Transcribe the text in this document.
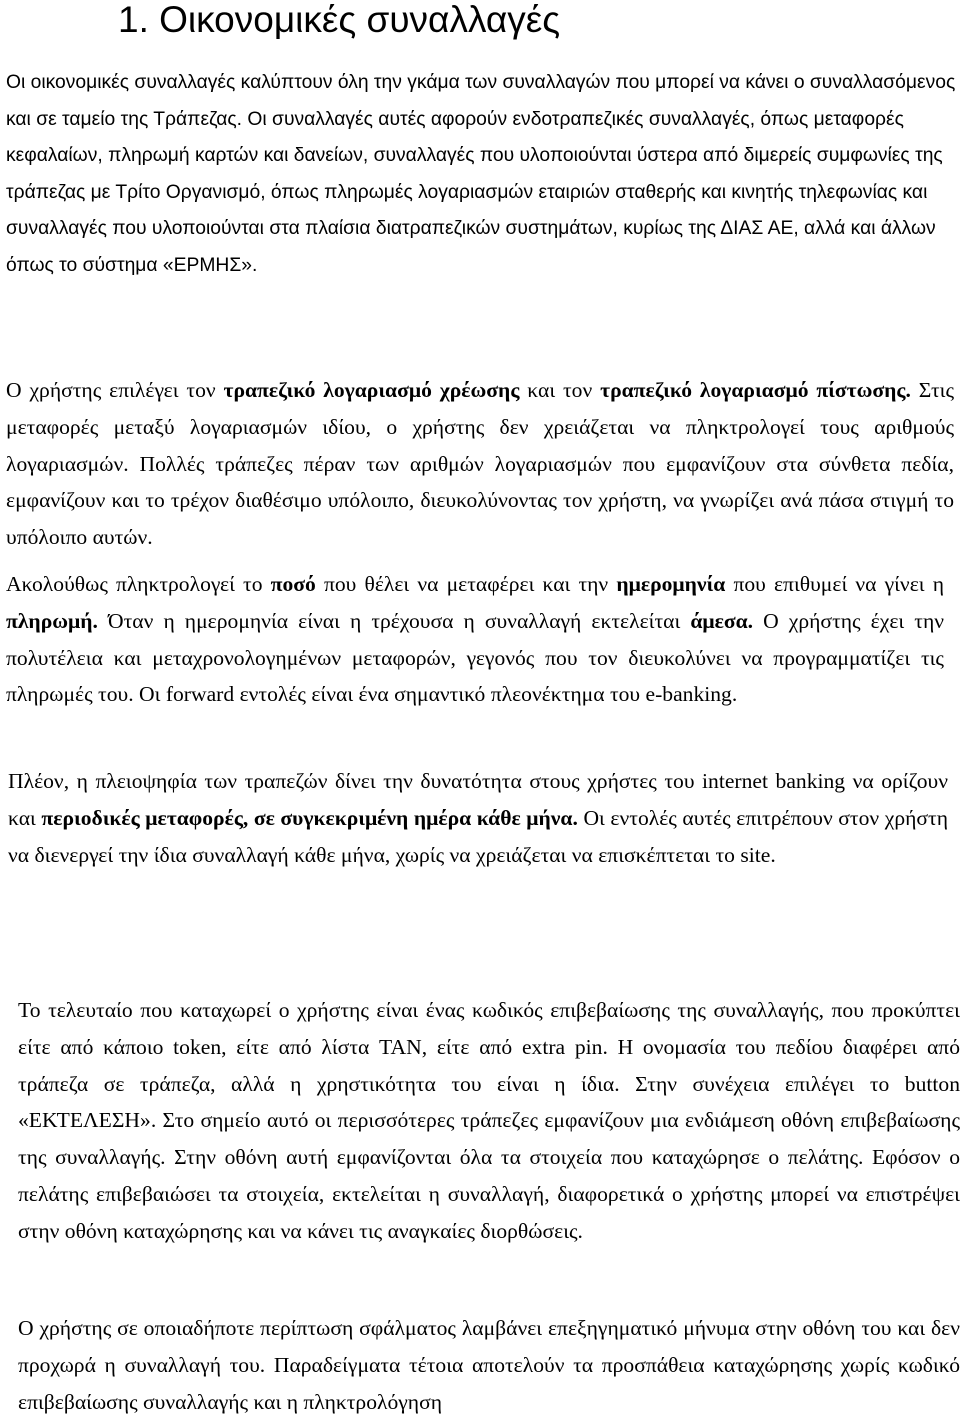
1. Οικονομικές συναλλαγές

Οι οικονομικές συναλλαγές καλύπτουν όλη την γκάμα των συναλλαγών που μπορεί να κάνει ο συναλλασόμενος και σε ταμείο της Τράπεζας. Οι συναλλαγές αυτές αφορούν ενδοτραπεζικές συναλλαγές, όπως μεταφορές κεφαλαίων, πληρωμή καρτών και δανείων, συναλλαγές που υλοποιούνται ύστερα από διμερείς συμφωνίες της τράπεζας με Τρίτο Οργανισμό, όπως πληρωμές λογαριασμών εταιριών σταθερής και κινητής τηλεφωνίας και συναλλαγές που υλοποιούνται στα πλαίσια διατραπεζικών συστημάτων, κυρίως της ΔΙΑΣ ΑΕ, αλλά και άλλων όπως το σύστημα «ΕΡΜΗΣ».

Ο χρήστης επιλέγει τον τραπεζικό λογαριασμό χρέωσης και τον τραπεζικό λογαριασμό πίστωσης. Στις μεταφορές μεταξύ λογαριασμών ιδίου, ο χρήστης δεν χρειάζεται να πληκτρολογεί τους αριθμούς λογαριασμών. Πολλές τράπεζες πέραν των αριθμών λογαριασμών που εμφανίζουν στα σύνθετα πεδία, εμφανίζουν και το τρέχον διαθέσιμο υπόλοιπο, διευκολύνοντας τον χρήστη, να γνωρίζει ανά πάσα στιγμή το υπόλοιπο αυτών.

Ακολούθως πληκτρολογεί το ποσό που θέλει να μεταφέρει και την ημερομηνία που επιθυμεί να γίνει η πληρωμή. Όταν η ημερομηνία είναι η τρέχουσα η συναλλαγή εκτελείται άμεσα. Ο χρήστης έχει την πολυτέλεια και μεταχρονολογημένων μεταφορών, γεγονός που τον διευκολύνει να προγραμματίζει τις πληρωμές του. Οι forward εντολές είναι ένα σημαντικό πλεονέκτημα του e-banking.

Πλέον, η πλειοψηφία των τραπεζών δίνει την δυνατότητα στους χρήστες του internet banking να ορίζουν και περιοδικές μεταφορές, σε συγκεκριμένη ημέρα κάθε μήνα. Οι εντολές αυτές επιτρέπουν στον χρήστη να διενεργεί την ίδια συναλλαγή κάθε μήνα, χωρίς να χρειάζεται να επισκέπτεται το site.

Το τελευταίο που καταχωρεί ο χρήστης είναι ένας κωδικός επιβεβαίωσης της συναλλαγής, που προκύπτει είτε από κάποιο token, είτε από λίστα TAN, είτε από extra pin. Η ονομασία του πεδίου διαφέρει από τράπεζα σε τράπεζα, αλλά η χρηστικότητα του είναι η ίδια. Στην συνέχεια επιλέγει το button «ΕΚΤΕΛΕΣΗ». Στο σημείο αυτό οι περισσότερες τράπεζες εμφανίζουν μια ενδιάμεση οθόνη επιβεβαίωσης της συναλλαγής. Στην οθόνη αυτή εμφανίζονται όλα τα στοιχεία που καταχώρησε ο πελάτης. Εφόσον ο πελάτης επιβεβαιώσει τα στοιχεία, εκτελείται η συναλλαγή, διαφορετικά ο χρήστης μπορεί να επιστρέψει στην οθόνη καταχώρησης και να κάνει τις αναγκαίες διορθώσεις.

Ο χρήστης σε οποιαδήποτε περίπτωση σφάλματος λαμβάνει επεξηγηματικό μήνυμα στην οθόνη του και δεν προχωρά η συναλλαγή του. Παραδείγματα τέτοια αποτελούν τα προσπάθεια καταχώρησης χωρίς κωδικό επιβεβαίωσης συναλλαγής και η πληκτρολόγηση
